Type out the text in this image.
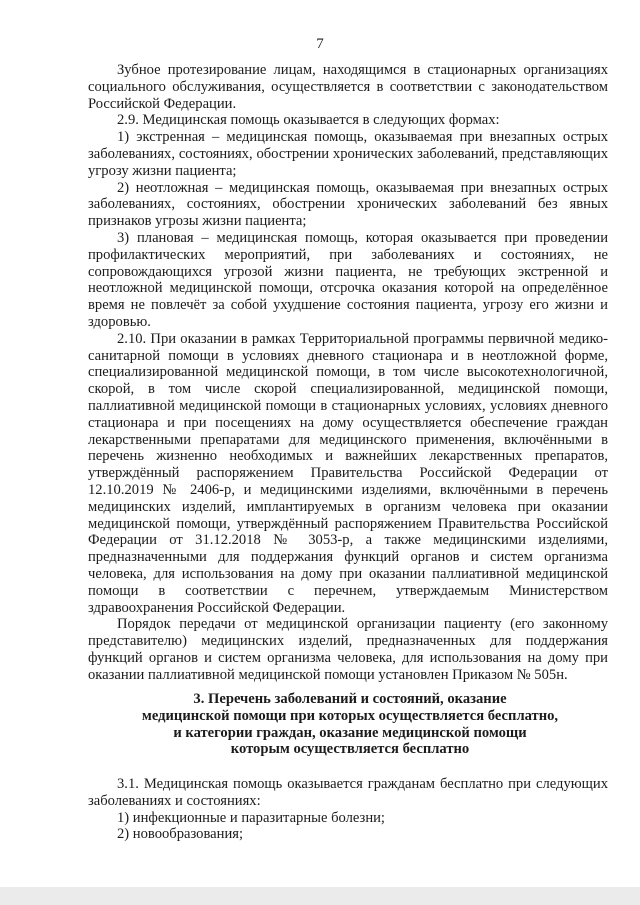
7

Зубное протезирование лицам, находящимся в стационарных организациях социального обслуживания, осуществляется в соответствии с законодательством Российской Федерации.

2.9. Медицинская помощь оказывается в следующих формах:

1) экстренная – медицинская помощь, оказываемая при внезапных острых заболеваниях, состояниях, обострении хронических заболеваний, представляющих угрозу жизни пациента;

2) неотложная – медицинская помощь, оказываемая при внезапных острых заболеваниях, состояниях, обострении хронических заболеваний без явных признаков угрозы жизни пациента;

3) плановая – медицинская помощь, которая оказывается при проведении профилактических мероприятий, при заболеваниях и состояниях, не сопровождающихся угрозой жизни пациента, не требующих экстренной и неотложной медицинской помощи, отсрочка оказания которой на определённое время не повлечёт за собой ухудшение состояния пациента, угрозу его жизни и здоровью.

2.10. При оказании в рамках Территориальной программы первичной медико-санитарной помощи в условиях дневного стационара и в неотложной форме, специализированной медицинской помощи, в том числе высокотехнологичной, скорой, в том числе скорой специализированной, медицинской помощи, паллиативной медицинской помощи в стационарных условиях, условиях дневного стационара и при посещениях на дому осуществляется обеспечение граждан лекарственными препаратами для медицинского применения, включёнными в перечень жизненно необходимых и важнейших лекарственных препаратов, утверждённый распоряжением Правительства Российской Федерации от 12.10.2019 № 2406-р, и медицинскими изделиями, включёнными в перечень медицинских изделий, имплантируемых в организм человека при оказании медицинской помощи, утверждённый распоряжением Правительства Российской Федерации от 31.12.2018 № 3053-р, а также медицинскими изделиями, предназначенными для поддержания функций органов и систем организма человека, для использования на дому при оказании паллиативной медицинской помощи в соответствии с перечнем, утверждаемым Министерством здравоохранения Российской Федерации.

Порядок передачи от медицинской организации пациенту (его законному представителю) медицинских изделий, предназначенных для поддержания функций органов и систем организма человека, для использования на дому при оказании паллиативной медицинской помощи установлен Приказом № 505н.

3. Перечень заболеваний и состояний, оказание
медицинской помощи при которых осуществляется бесплатно,
и категории граждан, оказание медицинской помощи
которым осуществляется бесплатно

3.1. Медицинская помощь оказывается гражданам бесплатно при следующих заболеваниях и состояниях:

1) инфекционные и паразитарные болезни;

2) новообразования;
